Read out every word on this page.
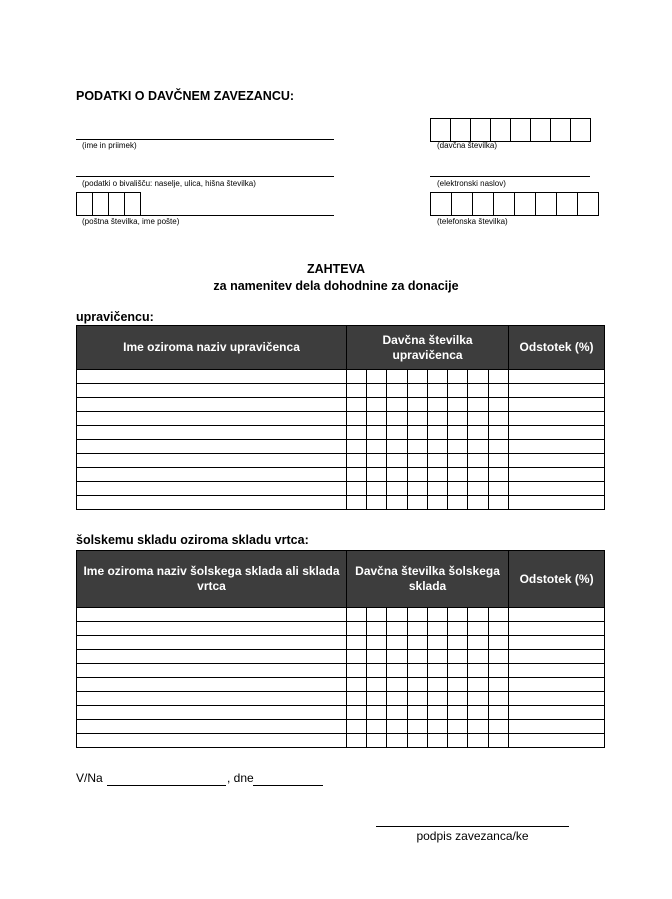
PODATKI O DAVČNEM ZAVEZANCU:
(ime in priimek)	(davčna številka)
(podatki o bivališču: naselje, ulica, hišna številka)	(elektronski naslov)
(poštna številka, ime pošte)	(telefonska številka)
ZAHTEVA
za namenitev dela dohodnine za donacije
upravičencu:
Ime oziroma naziv upravičenca	Davčna številka upravičenca								Odstotek (%)

šolskemu skladu oziroma skladu vrtca:
Ime oziroma naziv šolskega sklada ali sklada vrtca	Davčna številka šolskega sklada								Odstotek (%)

V/Na	, dne
podpis zavezanca/ke
